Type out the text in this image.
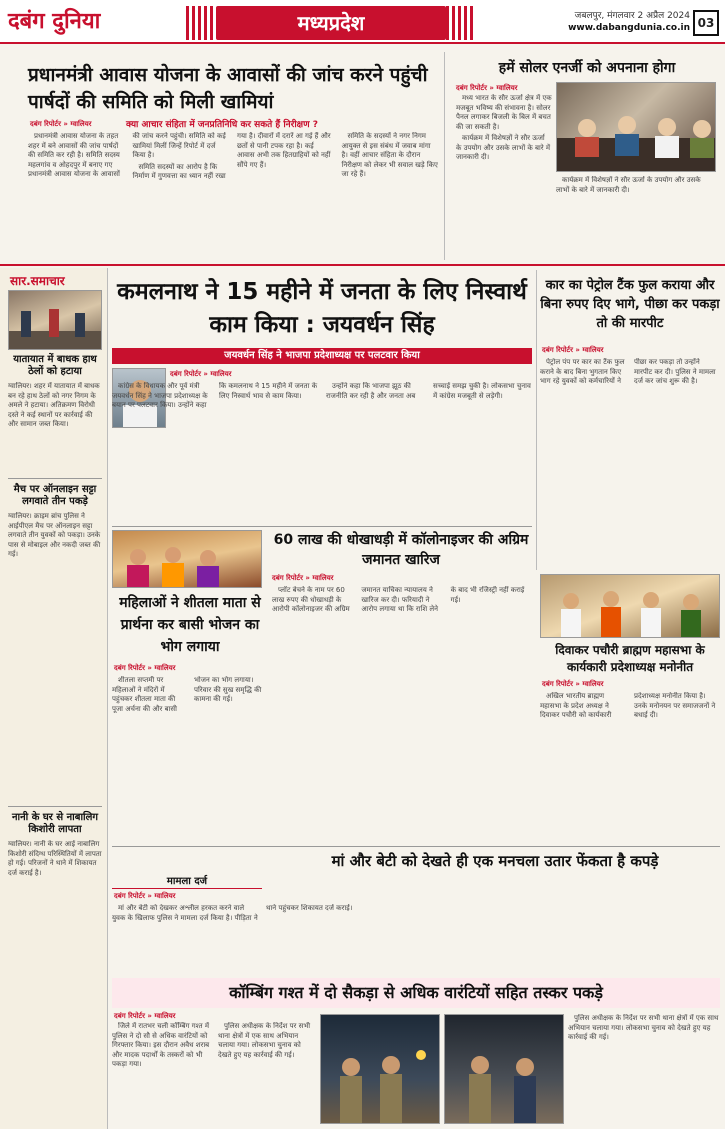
दबंग दुनिया	मध्यप्रदेश	जबलपुर, मंगलवार 2 अप्रैल 2024
www.dabangdunia.co.in 03
प्रधानमंत्री आवास योजना के आवासों की जांच करने पहुंची पार्षदों की समिति को मिली खामियां
दबंग रिपोर्टर » ग्वालियर	क्या आचार संहिता में जनप्रतिनिधि कर सकते हैं निरीक्षण ?

प्रधानमंत्री आवास योजना के तहत शहर में बने आवासों की जांच पार्षदों की समिति कर रही है। समिति सदस्य महलगांव व ओहदपुर में बनाए गए प्रधानमंत्री आवास योजना के आवासों की जांच करने पहुंची। समिति को कई खामियां मिलीं जिन्हें रिपोर्ट में दर्ज किया है।

समिति सदस्यों का आरोप है कि निर्माण में गुणवत्ता का ध्यान नहीं रखा गया है। दीवारों में दरारें आ गई हैं और छतों से पानी टपक रहा है। कई आवास अभी तक हितग्राहियों को नहीं सौंपे गए हैं।

समिति के सदस्यों ने नगर निगम आयुक्त से इस संबंध में जवाब मांगा है। वहीं आचार संहिता के दौरान निरीक्षण को लेकर भी सवाल खड़े किए जा रहे हैं।

हमें सोलर एनर्जी को अपनाना होगा
दबंग रिपोर्टर » ग्वालियर

मध्य भारत के सौर ऊर्जा क्षेत्र में एक मजबूत भविष्य की संभावना है। सोलर पैनल लगाकर बिजली के बिल में बचत की जा सकती है।

कार्यक्रम में विशेषज्ञों ने सौर ऊर्जा के उपयोग और उसके लाभों के बारे में जानकारी दी।

कार्यक्रम में विशेषज्ञों ने सौर ऊर्जा के उपयोग और उसके लाभों के बारे में जानकारी दी।

सार.समाचार
यातायात में बाधक हाथ ठेलों को हटाया
ग्वालियर। शहर में यातायात में बाधक बन रहे हाथ ठेलों को नगर निगम के अमले ने हटाया। अतिक्रमण विरोधी दस्ते ने कई स्थानों पर कार्रवाई की और सामान जब्त किया।
मैच पर ऑनलाइन सट्टा लगवाते तीन पकड़े
ग्वालियर। क्राइम ब्रांच पुलिस ने आईपीएल मैच पर ऑनलाइन सट्टा लगवाते तीन युवकों को पकड़ा। उनके पास से मोबाइल और नकदी जब्त की गई।
नानी के घर से नाबालिग किशोरी लापता
ग्वालियर। नानी के घर आई नाबालिग किशोरी संदिग्ध परिस्थितियों में लापता हो गई। परिजनों ने थाने में शिकायत दर्ज कराई है।
कमलनाथ ने 15 महीने में जनता के लिए निस्वार्थ काम किया : जयवर्धन सिंह
जयवर्धन सिंह ने भाजपा प्रदेशाध्यक्ष पर पलटवार किया
दबंग रिपोर्टर » ग्वालियर

कांग्रेस के विधायक और पूर्व मंत्री जयवर्धन सिंह ने भाजपा प्रदेशाध्यक्ष के बयान पर पलटवार किया। उन्होंने कहा कि कमलनाथ ने 15 महीने में जनता के लिए निस्वार्थ भाव से काम किया।

उन्होंने कहा कि भाजपा झूठ की राजनीति कर रही है और जनता अब सच्चाई समझ चुकी है। लोकसभा चुनाव में कांग्रेस मजबूती से लड़ेगी।

कार का पेट्रोल टैंक फुल कराया और बिना रुपए दिए भागे, पीछा कर पकड़ा तो की मारपीट
दबंग रिपोर्टर » ग्वालियर

पेट्रोल पंप पर कार का टैंक फुल कराने के बाद बिना भुगतान किए भाग रहे युवकों को कर्मचारियों ने पीछा कर पकड़ा तो उन्होंने मारपीट कर दी। पुलिस ने मामला दर्ज कर जांच शुरू की है।

60 लाख की धोखाधड़ी में कॉलोनाइजर की अग्रिम जमानत खारिज
दबंग रिपोर्टर » ग्वालियर

प्लॉट बेचने के नाम पर 60 लाख रुपए की धोखाधड़ी के आरोपी कॉलोनाइजर की अग्रिम जमानत याचिका न्यायालय ने खारिज कर दी। फरियादी ने आरोप लगाया था कि राशि लेने के बाद भी रजिस्ट्री नहीं कराई गई।

महिलाओं ने शीतला माता से प्रार्थना कर बासी भोजन का भोग लगाया
दबंग रिपोर्टर » ग्वालियर

शीतला सप्तमी पर महिलाओं ने मंदिरों में पहुंचकर शीतला माता की पूजा अर्चना की और बासी भोजन का भोग लगाया। परिवार की सुख समृद्धि की कामना की गई।

दिवाकर पचौरी ब्राह्मण महासभा के कार्यकारी प्रदेशाध्यक्ष मनोनीत
दबंग रिपोर्टर » ग्वालियर

अखिल भारतीय ब्राह्मण महासभा के प्रदेश अध्यक्ष ने दिवाकर पचौरी को कार्यकारी प्रदेशाध्यक्ष मनोनीत किया है। उनके मनोनयन पर समाजजनों ने बधाई दी।

मां और बेटी को देखते ही एक मनचला उतार फेंकता है कपड़े
मामला दर्ज
दबंग रिपोर्टर » ग्वालियर

मां और बेटी को देखकर अश्लील हरकत करने वाले युवक के खिलाफ पुलिस ने मामला दर्ज किया है। पीड़िता ने थाने पहुंचकर शिकायत दर्ज कराई।

कॉम्बिंग गश्त में दो सैकड़ा से अधिक वारंटियों सहित तस्कर पकड़े
दबंग रिपोर्टर » ग्वालियर

जिले में रातभर चली कॉम्बिंग गश्त में पुलिस ने दो सौ से अधिक वारंटियों को गिरफ्तार किया। इस दौरान अवैध शराब और मादक पदार्थों के तस्करों को भी पकड़ा गया।

पुलिस अधीक्षक के निर्देश पर सभी थाना क्षेत्रों में एक साथ अभियान चलाया गया। लोकसभा चुनाव को देखते हुए यह कार्रवाई की गई।

पुलिस अधीक्षक के निर्देश पर सभी थाना क्षेत्रों में एक साथ अभियान चलाया गया। लोकसभा चुनाव को देखते हुए यह कार्रवाई की गई।
